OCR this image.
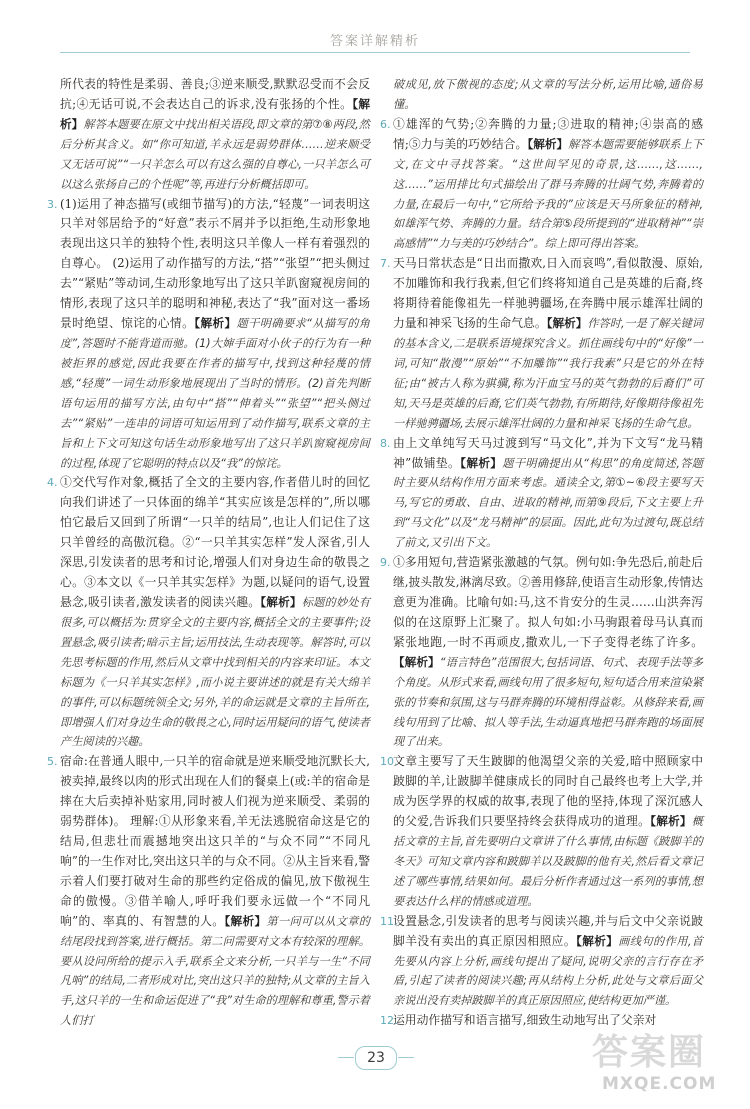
答案详解精析

所代表的特性是柔弱、善良;③逆来顺受,默默忍受而不会反抗;④无话可说,不会表达自己的诉求,没有张扬的个性。【解析】解答本题要在原文中找出相关语段,即文章的第⑦⑧两段,然后分析其含义。如“你可知道,羊永远是弱势群体……逆来顺受又无话可说”“一只羊怎么可以有这么强的自尊心,一只羊怎么可以这么张扬自己的个性呢”等,再进行分析概括即可。

3. (1)运用了神态描写(或细节描写)的方法,“轻蔑”一词表明这只羊对邻居给予的“好意”表示不屑并予以拒绝,生动形象地表现出这只羊的独特个性,表明这只羊像人一样有着强烈的自尊心。 (2)运用了动作描写的方法,“搭”“张望”“把头侧过去”“紧贴”等动词,生动形象地写出了这只羊趴窗窥视房间的情形,表现了这只羊的聪明和神秘,表达了“我”面对这一番场景时绝望、惊诧的心情。【解析】题干明确要求“从描写的角度”,答题时不能背道而驰。(1)大婶手面对小伙子的行为有一种被拒界的感觉,因此我要在作者的描写中,找到这种轻蔑的情感,“轻蔑”一词生动形象地展现出了当时的情形。(2)首先判断语句运用的描写方法,由句中“搭”“伸着头”“张望”“把头侧过去”“紧贴”一连串的词语可知运用到了动作描写,联系文章的主旨和上下文可知这句话生动形象地写出了这只羊趴窗窥视房间的过程,体现了它聪明的特点以及“我”的惊诧。

4. ①交代写作对象,概括了全文的主要内容,作者借儿时的回忆向我们讲述了一只体面的绵羊“其实应该是怎样的”,所以哪怕它最后又回到了所谓“一只羊的结局”,也让人们记住了这只羊曾经的高傲沉稳。②“一只羊其实怎样”发人深省,引人深思,引发读者的思考和讨论,增强人们对身边生命的敬畏之心。③本文以《一只羊其实怎样》为题,以疑问的语气,设置悬念,吸引读者,激发读者的阅读兴趣。【解析】标题的妙处有很多,可以概括为:贯穿全文的主要内容,概括全文的主要事件;设置悬念,吸引读者;暗示主旨;运用技法,生动表现等。解答时,可以先思考标题的作用,然后从文章中找到相关的内容来印证。本文标题为《一只羊其实怎样》,而小说主要讲述的就是有关大绵羊的事件,可以标题统领全文;另外,羊的命运就是文章的主旨所在,即增强人们对身边生命的敬畏之心,同时运用疑问的语气,使读者产生阅读的兴趣。

5. 宿命:在普通人眼中,一只羊的宿命就是逆来顺受地沉默长大,被卖掉,最终以肉的形式出现在人们的餐桌上(或:羊的宿命是摔在大后卖掉补贴家用,同时被人们视为逆来顺受、柔弱的弱势群体)。 理解:①从形象来看,羊无法逃脱宿命这是它的结局,但悲壮而震撼地突出这只羊的“与众不同”“不同凡响”的一生作对比,突出这只羊的与众不同。②从主旨来看,警示着人们要打破对生命的那些约定俗成的偏见,放下傲视生命的傲慢。③借羊喻人,呼吁我们要永远做一个“不同凡响”的、率真的、有智慧的人。【解析】第一问可以从文章的结尾段找到答案,进行概括。第二问需要对文本有较深的理解。要从设问所给的提示入手,联系全文来分析,一只羊与一生“不同凡响”的结局,二者形成对比,突出这只羊的独特;从文章的主旨入手,这只羊的一生和命运促进了“我”对生命的理解和尊重,警示着人们打

破成见,放下傲视的态度;从文章的写法分析,运用比喻,通俗易懂。

6. ①雄浑的气势;②奔腾的力量;③进取的精神;④崇高的感情;⑤力与美的巧妙结合。【解析】解答本题需要能够联系上下文,在文中寻找答案。“这世间罕见的奇景,这……,这……,这……”运用排比句式描绘出了群马奔腾的壮阔气势,奔腾着的力量,在最后一句中,“它所给予我的”应该是天马所象征的精神,如雄浑气势、奔腾的力量。结合第⑤段所提到的“进取精神”“崇高感情”“力与美的巧妙结合”。综上即可得出答案。

7. 天马日常状态是“日出而撒欢,日入而哀鸣”,看似散漫、原始,不加雕饰和我行我素,但它们终将知道自己是英雄的后裔,终将期待着能像祖先一样驰骋疆场,在奔腾中展示雄浑壮阔的力量和神采飞扬的生命气息。【解析】作答时,一是了解关键词的基本含义,二是联系语境探究含义。抓住画线句中的“好像”一词,可知“散漫”“原始”“不加雕饰”“我行我素”只是它的外在特征;由“被古人称为骐骥,称为汗血宝马的英气勃勃的后裔们”可知,天马是英雄的后裔,它们英气勃勃,有所期待,好像期待像祖先一样驰骋疆场,去展示雄浑壮阔的力量和神采飞扬的生命气息。

8. 由上文单纯写天马过渡到写“马文化”,并为下文写“龙马精神”做铺垫。【解析】题干明确提出从“构思”的角度简述,答题时主要从结构作用方面来考虑。通读全文,第①~⑥段主要写天马,写它的勇敢、自由、进取的精神,而第⑨段后,下文主要上升到“马文化”以及“龙马精神”的层面。因此,此句为过渡句,既总结了前文,又引出下文。

9. ①多用短句,营造紧张激越的气氛。例句如:争先恐后,前赴后继,披头散发,淋漓尽致。②善用修辞,使语言生动形象,传情达意更为准确。比喻句如:马,这不肯安分的生灵……山洪奔泻似的在这原野上汇聚了。拟人句如:小马驹跟着母马认真而紧张地跑,一时不再顽皮,撒欢儿,一下子变得老练了许多。【解析】“语言特色”范围很大,包括词语、句式、表现手法等多个角度。从形式来看,画线句用了很多短句,短句适合用来渲染紧张的节奏和氛围,这与马群奔腾的环境相得益彰。从修辞来看,画线句用到了比喻、拟人等手法,生动逼真地把马群奔跑的场面展现了出来。

10.

文章主要写了天生跛脚的他渴望父亲的关爱,暗中照顾家中跛脚的羊,让跛脚羊健康成长的同时自己最终也考上大学,并成为医学界的权威的故事,表现了他的坚持,体现了深沉感人的父爱,告诉我们只要坚持终会获得成功的道理。【解析】概括文章的主旨,首先要明白文章讲了什么事情,由标题《跛脚羊的冬天》可知文章内容和跛脚羊以及跛脚的他有关,然后看文章记述了哪些事情,结果如何。最后分析作者通过这一系列的事情,想要表达什么样的情感或道理。

11.

设置悬念,引发读者的思考与阅读兴趣,并与后文中父亲说跛脚羊没有卖出的真正原因相照应。【解析】画线句的作用,首先要从内容上分析,画线句提出了疑问,说明父亲的言行存在矛盾,引起了读者的阅读兴趣;再从结构上分析,此处与文章后面父亲说出没有卖掉跛脚羊的真正原因照应,使结构更加严谨。

12.

运用动作描写和语言描写,细致生动地写出了父亲对

23	答案圈
MXQE.COM
